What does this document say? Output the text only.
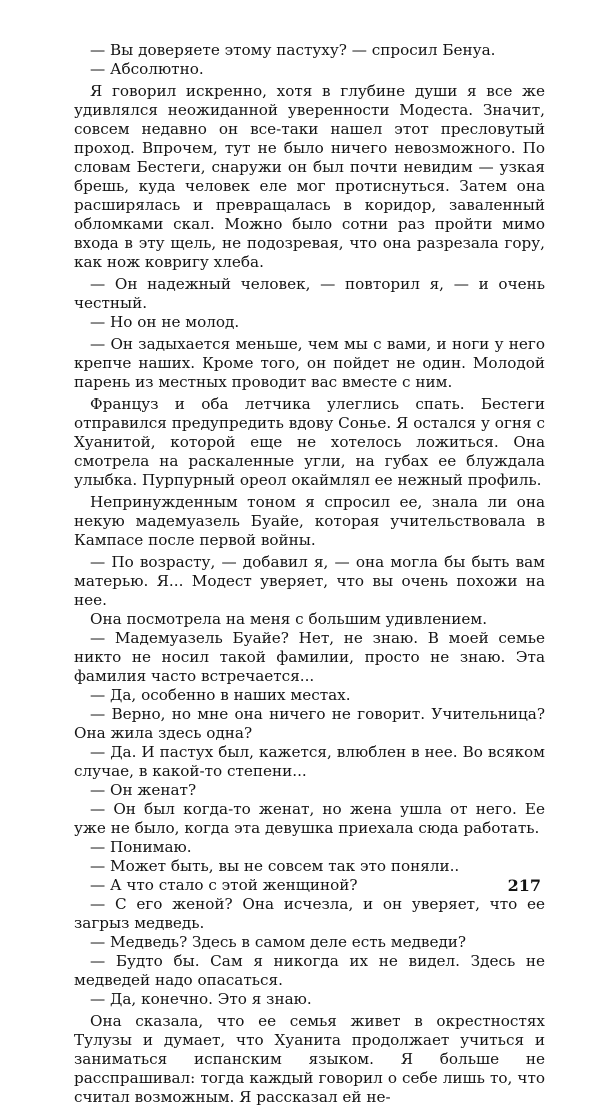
— Вы доверяете этому пастуху? — спросил Бенуа.

— Абсолютно.

Я говорил искренно, хотя в глубине души я все же удивлялся неожиданной уверенности Модеста. Значит, совсем недавно он все-таки нашел этот пресловутый проход. Впрочем, тут не было ничего невозможного. По словам Бестеги, снаружи он был почти невидим — узкая брешь, куда человек еле мог протиснуться. Затем она расширялась и превращалась в коридор, заваленный обломками скал. Можно было сотни раз пройти мимо входа в эту щель, не подозревая, что она разрезала гору, как нож ковригу хлеба.

— Он надежный человек, — повторил я, — и очень честный.

— Но он не молод.

— Он задыхается меньше, чем мы с вами, и ноги у него крепче наших. Кроме того, он пойдет не один. Молодой парень из местных проводит вас вместе с ним.

Француз и оба летчика улеглись спать. Бестеги отправился предупредить вдову Сонье. Я остался у огня с Хуанитой, которой еще не хотелось ложиться. Она смотрела на раскаленные угли, на губах ее блуждала улыбка. Пурпурный ореол окаймлял ее нежный профиль.

Непринужденным тоном я спросил ее, знала ли она некую мадемуазель Буайе, которая учительствовала в Кампасе после первой войны.

— По возрасту, — добавил я, — она могла бы быть вам матерью. Я... Модест уверяет, что вы очень похожи на нее.

Она посмотрела на меня с большим удивлением.

— Мадемуазель Буайе? Нет, не знаю. В моей семье никто не носил такой фамилии, просто не знаю. Эта фамилия часто встречается...

— Да, особенно в наших местах.

— Верно, но мне она ничего не говорит. Учительница? Она жила здесь одна?

— Да. И пастух был, кажется, влюблен в нее. Во всяком случае, в какой-то степени...

— Он женат?

— Он был когда-то женат, но жена ушла от него. Ее уже не было, когда эта девушка приехала сюда работать.

— Понимаю.

— Может быть, вы не совсем так это поняли..

— А что стало с этой женщиной?

— С его женой? Она исчезла, и он уверяет, что ее загрыз медведь.

— Медведь? Здесь в самом деле есть медведи?

— Будто бы. Сам я никогда их не видел. Здесь не медведей надо опасаться.

— Да, конечно. Это я знаю.

Она сказала, что ее семья живет в окрестностях Тулузы и думает, что Хуанита продолжает учиться и заниматься испанским языком. Я больше не расспрашивал: тогда каждый говорил о себе лишь то, что считал возможным. Я рассказал ей не-

217
